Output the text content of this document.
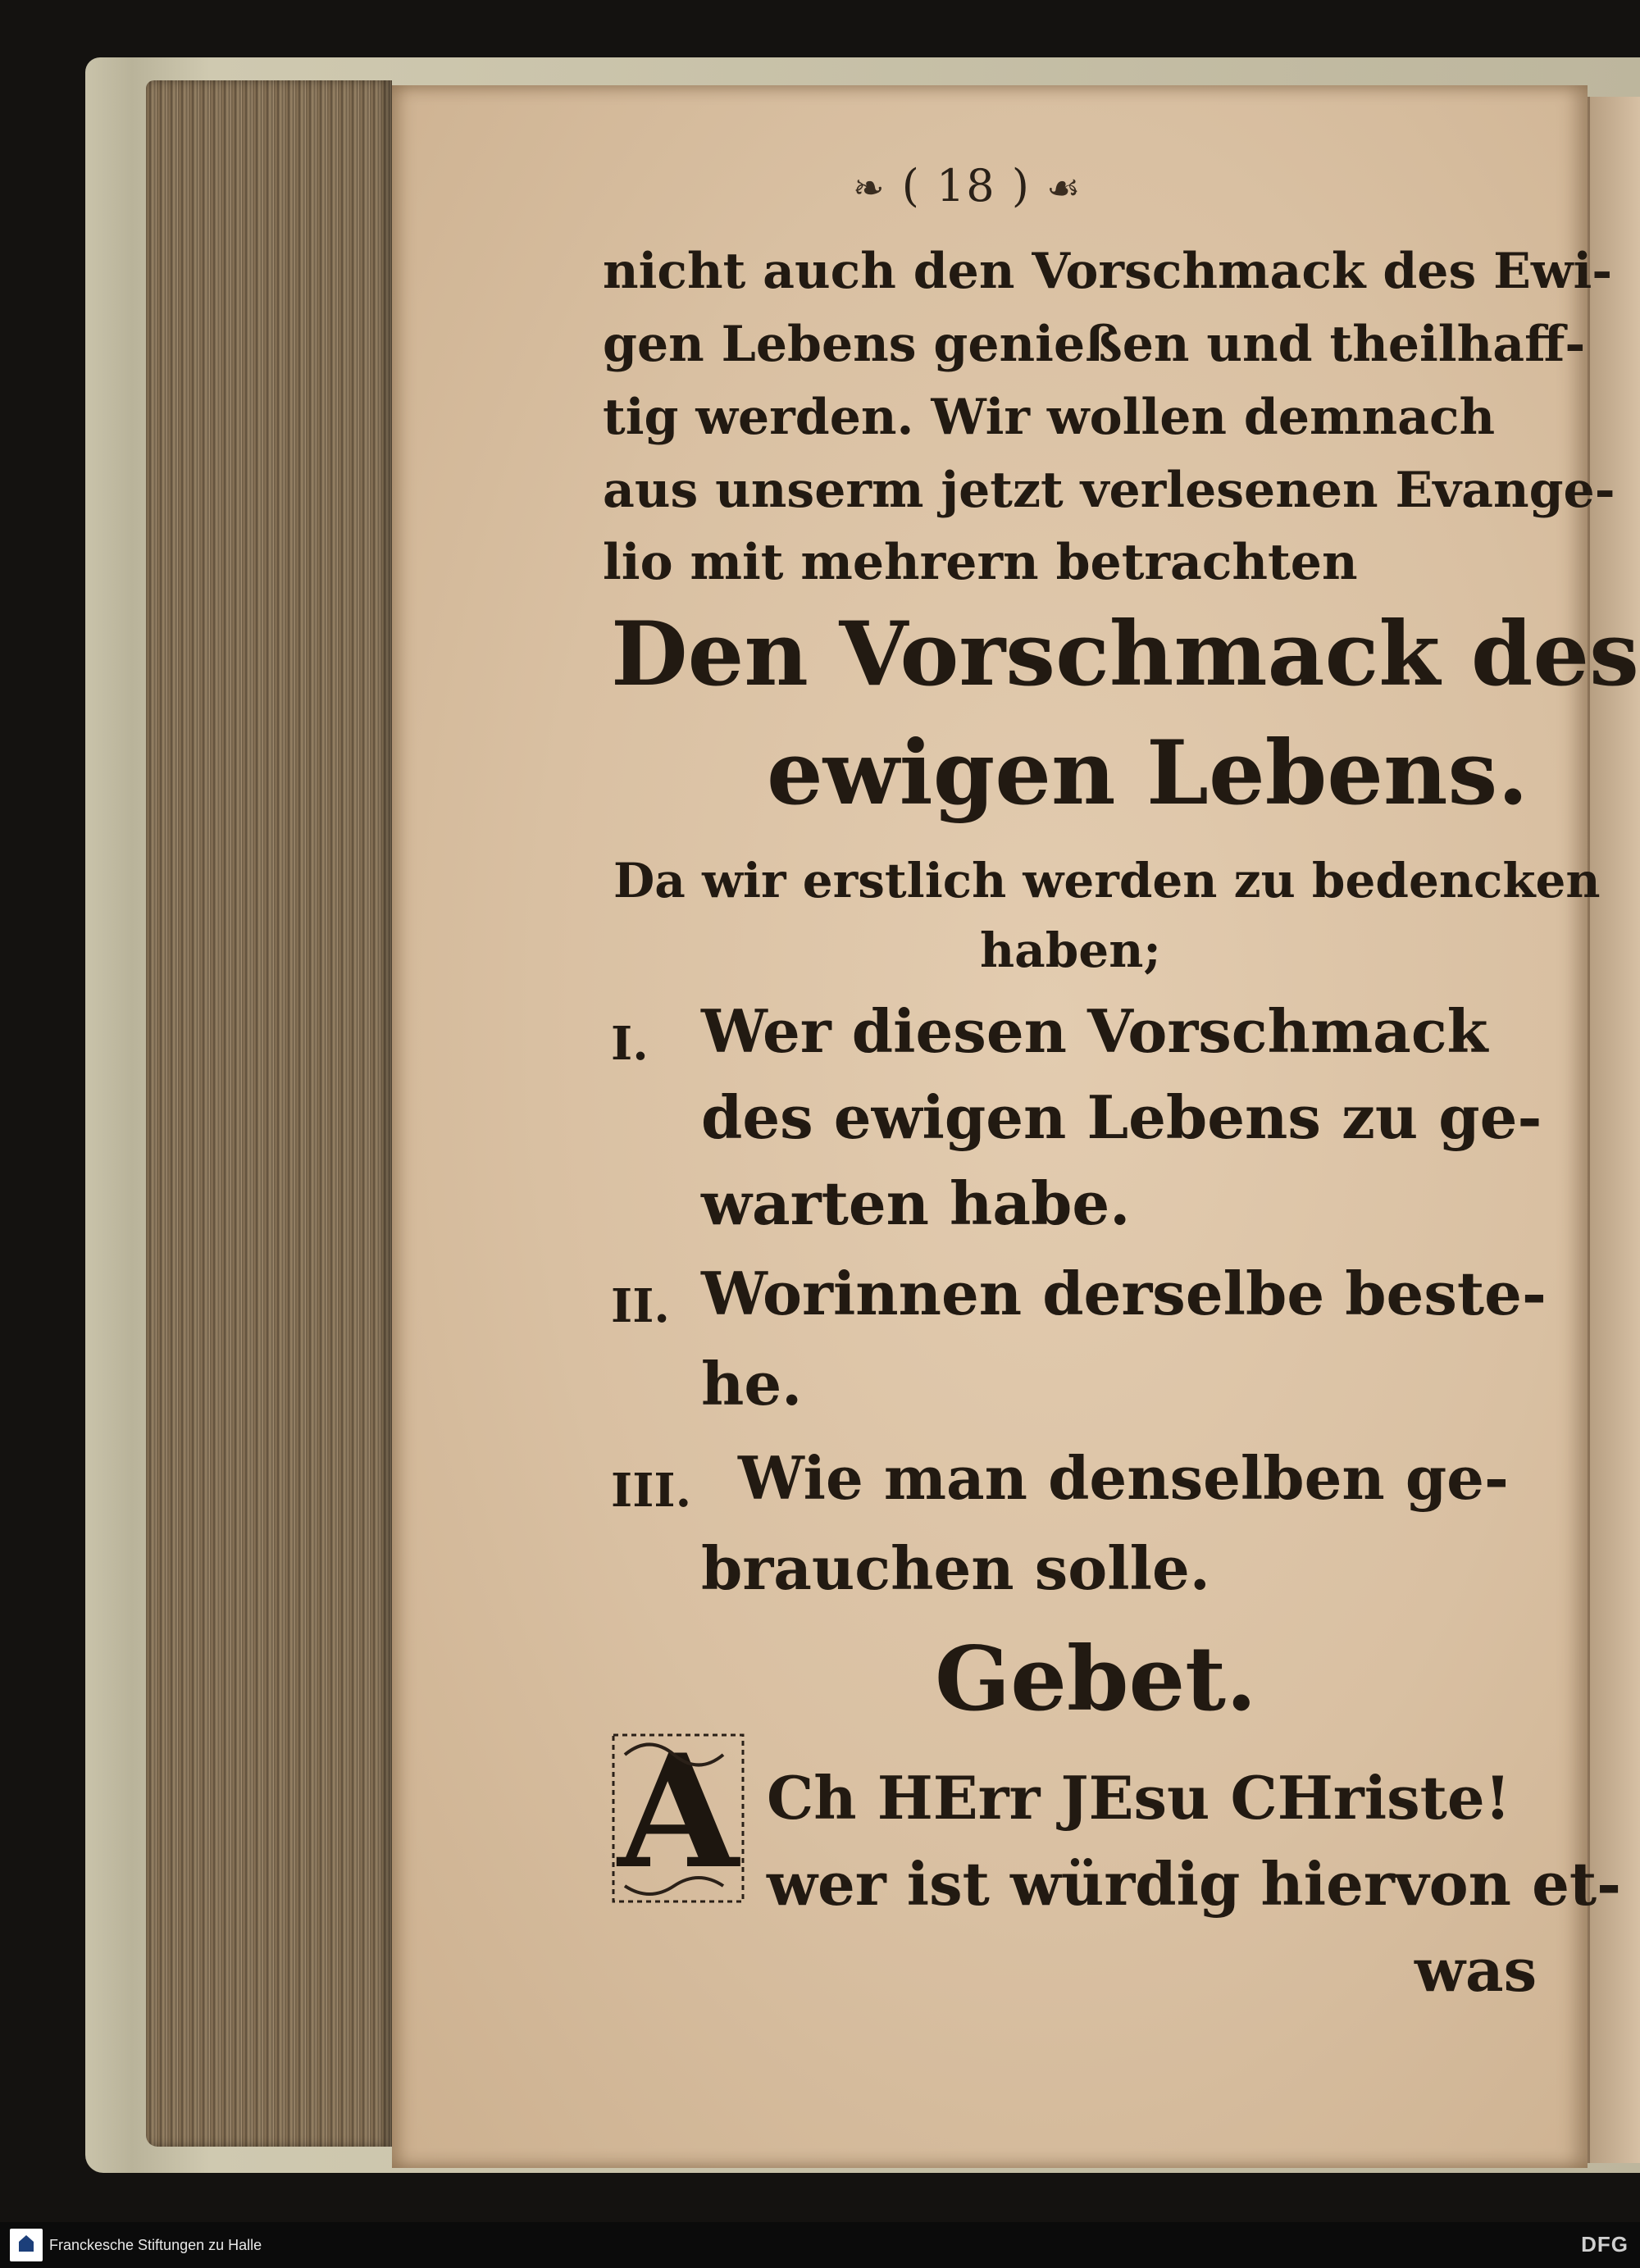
❧ ( 18 ) ☙
nicht auch den Vorschmack des Ewi-
gen Lebens genießen und theilhaff-
tig werden. Wir wollen demnach
aus unserm jetzt verlesenen Evange-
lio mit mehrern betrachten
Den Vorschmack des
ewigen Lebens.
Da wir erstlich werden zu bedencken
haben;
I. Wer diesen Vorschmack
des ewigen Lebens zu ge-
warten habe.
II. Worinnen derselbe beste-
he.
III. Wie man denselben ge-
brauchen solle.
Gebet.
A Ch HErr JEsu CHriste!
wer ist würdig hiervon et-
was
Franckesche Stiftungen zu Halle	DFG
